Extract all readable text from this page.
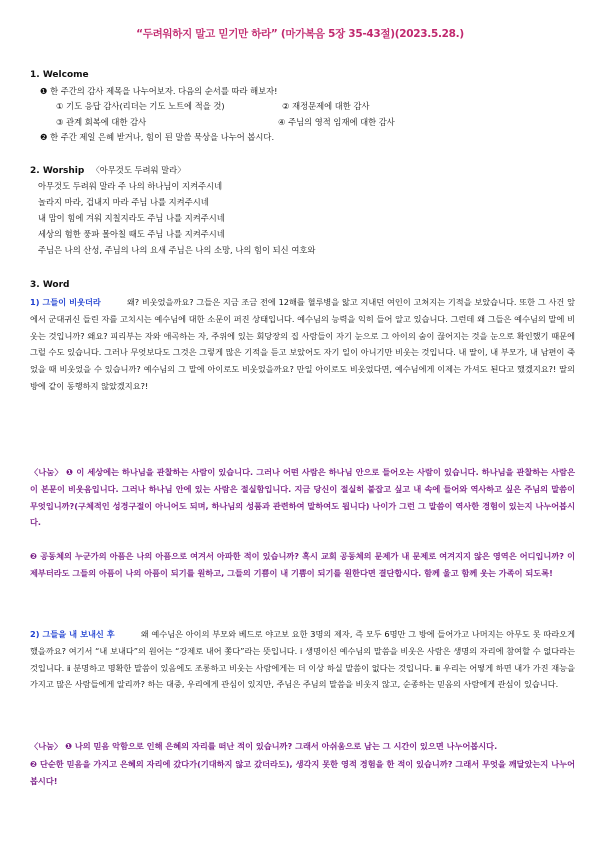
“두려워하지 말고 믿기만 하라” (마가복음 5장 35-43절)(2023.5.28.)
1. Welcome
❶ 한 주간의 감사 제목을 나누어보자. 다음의 순서를 따라 해보자!
① 기도 응답 감사(리더는 기도 노트에 적을 것)	② 재정문제에 대한 감사
③ 관계 회복에 대한 감사	④ 주님의 영적 임재에 대한 감사
❷ 한 주간 제일 은혜 받거나, 힘이 된 말씀 묵상을 나누어 봅시다.
2. Worship 〈아무것도 두려워 말라〉
아무것도 두려워 말라 주 나의 하나님이 지켜주시네
놀라지 마라, 겁내지 마라 주님 나를 지켜주시네
내 맘이 힘에 겨워 지칠지라도 주님 나를 지켜주시네
세상의 험한 풍파 몰아칠 때도 주님 나를 지켜주시네
주님은 나의 산성, 주님의 나의 요새 주님은 나의 소망, 나의 힘이 되신 여호와
3. Word
1) 그들이 비웃더라	왜? 비웃었을까요? 그들은 지금 조금 전에 12해를 혈루병을 앓고 지내던 여인이 고쳐지는 기적을 보았습니다. 또한 그 사건 앞에서 군대귀신 들린 자를 고치시는 예수님에 대한 소문이 퍼진 상태입니다. 예수님의 능력을 익히 들어 알고 있습니다. 그런데 왜 그들은 예수님의 말에 비웃는 것입니까? 왜요? 피리부는 자와 애곡하는 자, 주위에 있는 회당장의 집 사람들이 자기 눈으로 그 아이의 숨이 끊어지는 것을 눈으로 확인했기 때문에 그럴 수도 있습니다. 그러나 무엇보다도 그것은 그렇게 많은 기적을 듣고 보았어도 자기 일이 아니기만 비웃는 것입니다. 내 딸이, 내 부모가, 내 남편이 죽었을 때 비웃었을 수 있습니까? 예수님의 그 말에 아이로도 비웃었을까요? 만일 아이로도 비웃었다면, 예수님에게 이제는 가셔도 된다고 했겠지요?! 딸의 방에 같이 동행하지 않았겠지요?!
〈나눔〉 ❶ 이 세상에는 하나님을 관찰하는 사람이 있습니다. 그러나 어떤 사람은 하나님 안으로 들어오는 사람이 있습니다. 하나님을 관찰하는 사람은 이 본문이 비웃음입니다. 그러나 하나님 안에 있는 사람은 절실함입니다. 지금 당신이 절실히 붙잡고 싶고 내 속에 들어와 역사하고 싶은 주님의 말씀이 무엇입니까?(구체적인 성경구절이 아니어도 되며, 하나님의 성품과 관련하여 말하여도 됩니다) 나이가 그런 그 말씀이 역사한 경험이 있는지 나누어봅시다.
❷ 공동체의 누군가의 아픔은 나의 아픔으로 여겨서 아파한 적이 있습니까? 혹시 교회 공동체의 문제가 내 문제로 여겨지지 않은 영역은 어디입니까? 이제부터라도 그들의 아픔이 나의 아픔이 되기를 원하고, 그들의 기쁨이 내 기쁨이 되기를 원한다면 결단합시다. 함께 울고 함께 웃는 가족이 되도록!
2) 그들을 내 보내신 후	왜 예수님은 아이의 부모와 베드로 야고보 요한 3명의 제자, 즉 모두 6명만 그 방에 들어가고 나머지는 아무도 못 따라오게 했을까요? 여기서 “내 보내다”의 원어는 “강제로 내어 쫓다”라는 뜻입니다. ⅰ 생명이신 예수님의 말씀을 비웃은 사람은 생명의 자리에 참여할 수 없다라는 것입니다. ⅱ 분명하고 명확한 말씀이 있음에도 조롱하고 비웃는 사람에게는 더 이상 하실 말씀이 없다는 것입니다. ⅲ 우리는 어떻게 하면 내가 가진 재능을 가지고 많은 사람들에게 알리까? 하는 대중, 우리에게 관심이 있지만, 주님은 주님의 말씀을 비웃지 않고, 순종하는 믿음의 사람에게 관심이 있습니다.
〈나눔〉 ❶ 나의 믿음 악함으로 인해 은혜의 자리를 떠난 적이 있습니까? 그래서 아쉬움으로 남는 그 시간이 있으면 나누어봅시다.
❷ 단순한 믿음을 가지고 은혜의 자리에 갔다가(기대하지 않고 갔더라도), 생각지 못한 영적 경험을 한 적이 있습니까? 그래서 무엇을 깨달았는지 나누어봅시다!
